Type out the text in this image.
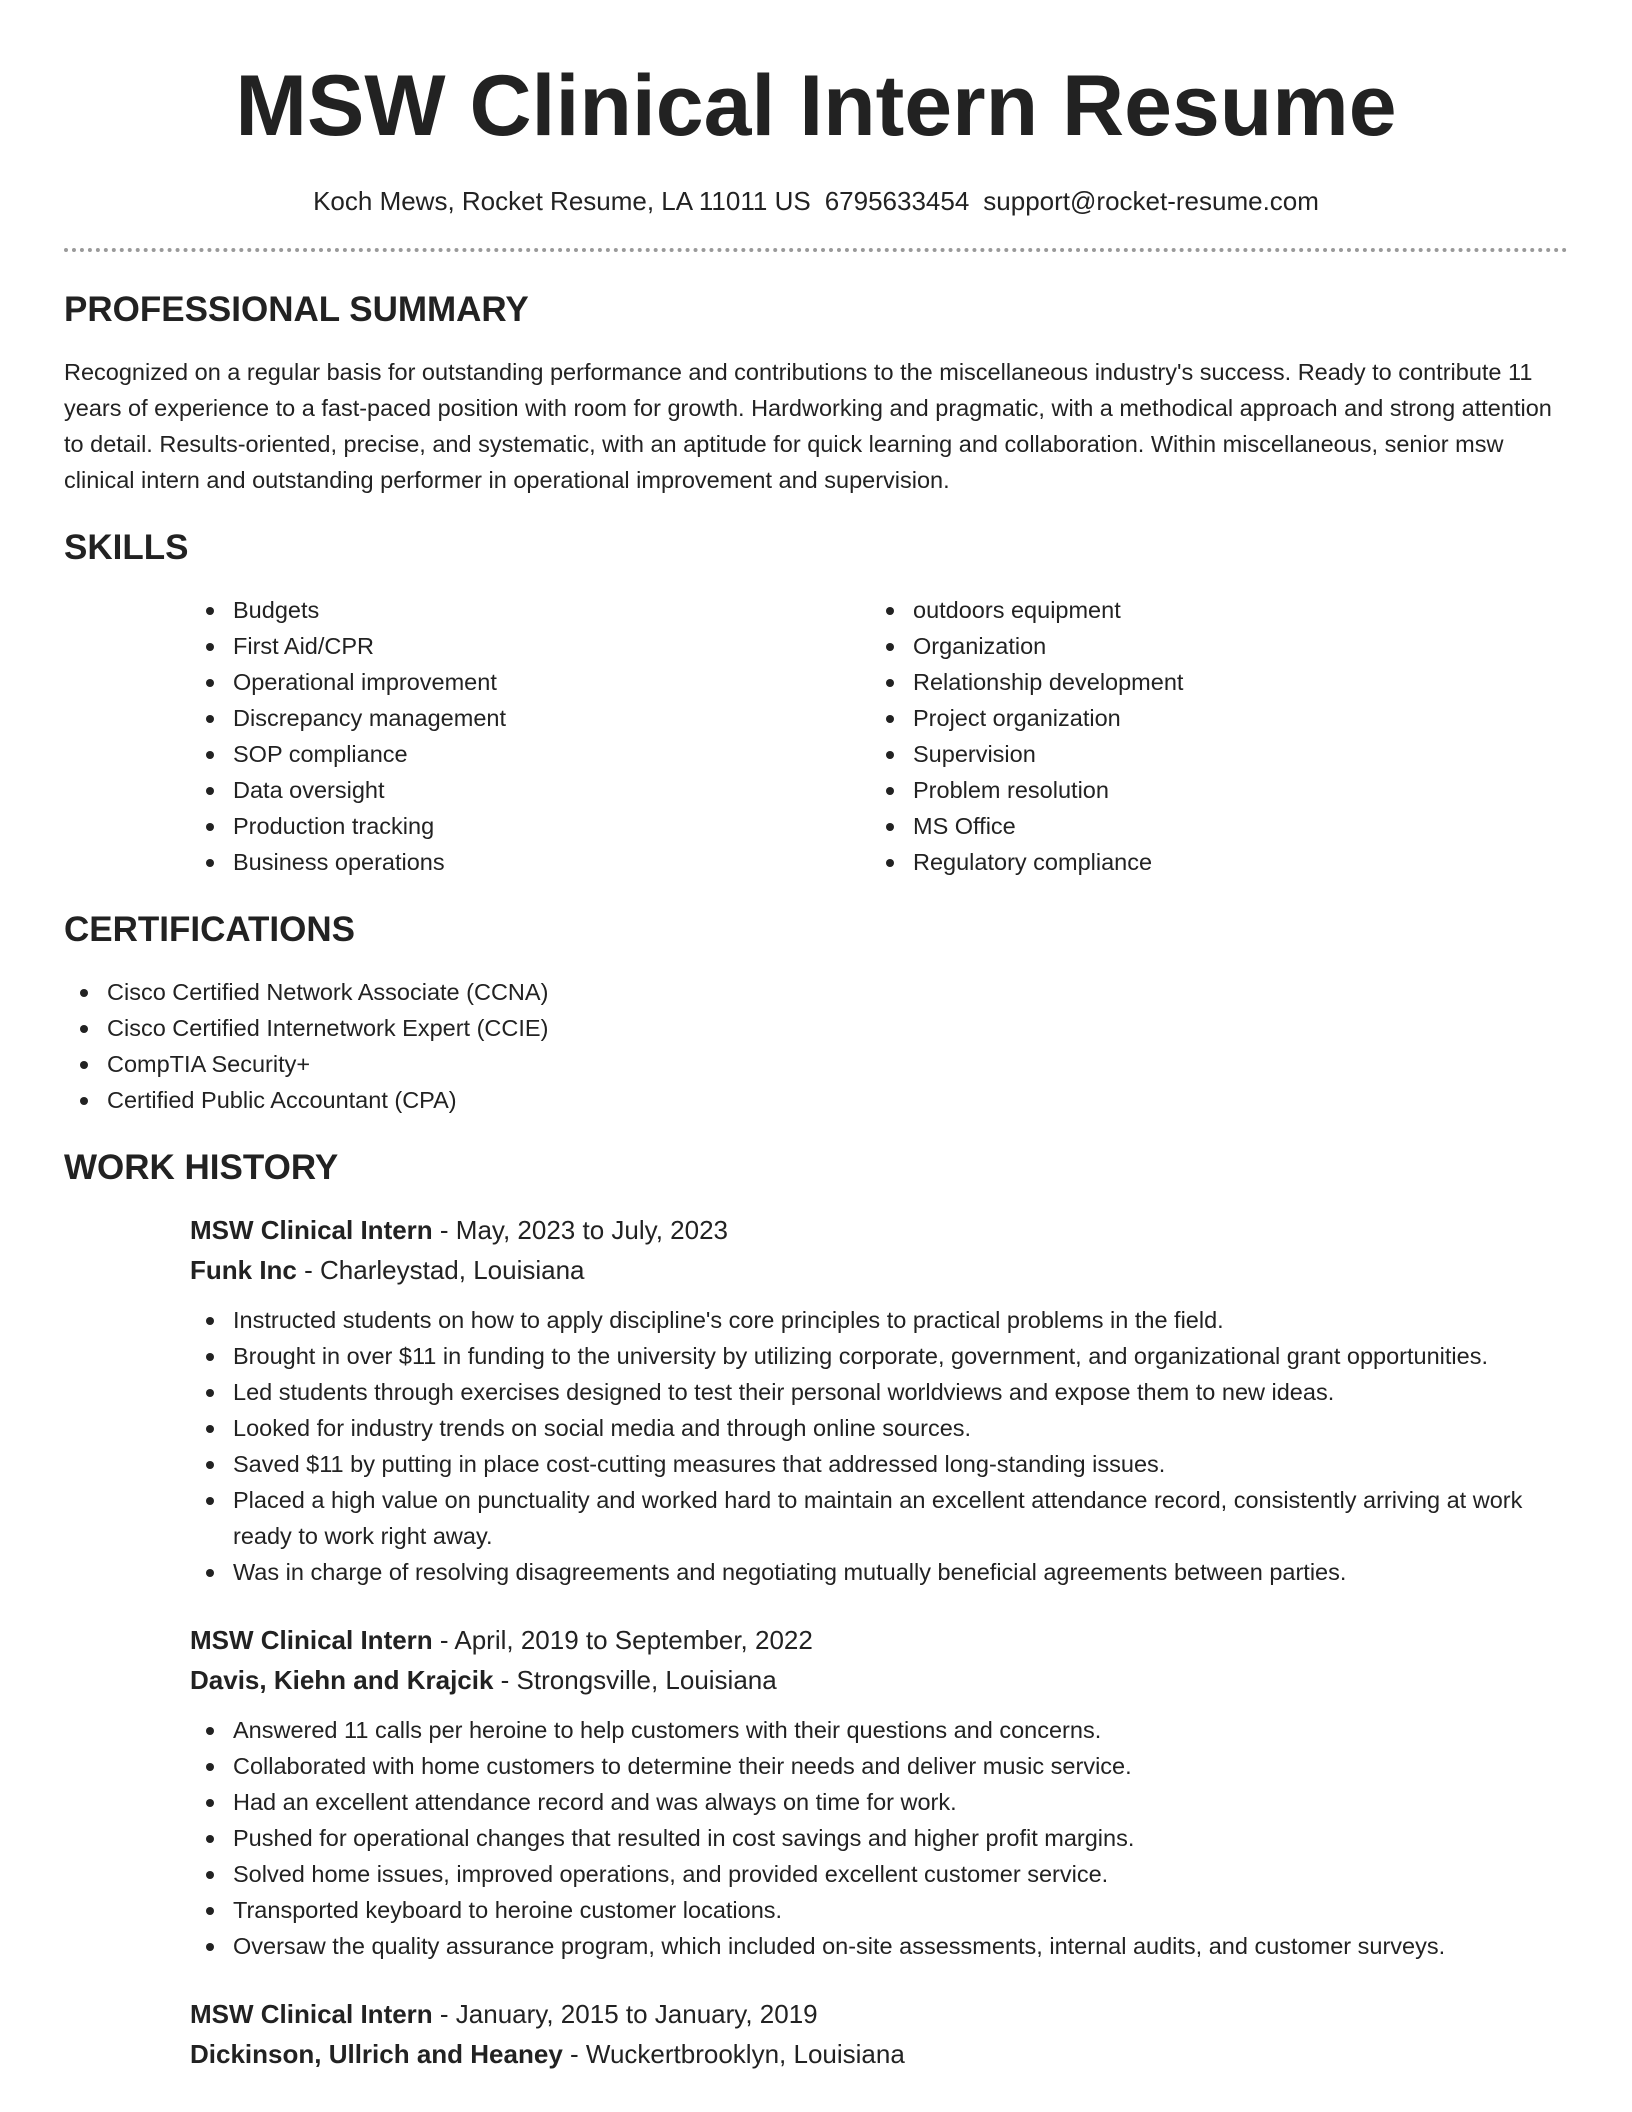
MSW Clinical Intern Resume
Koch Mews, Rocket Resume, LA 11011 US 6795633454 support@rocket-resume.com
PROFESSIONAL SUMMARY

Recognized on a regular basis for outstanding performance and contributions to the miscellaneous industry's success. Ready to contribute 11 years of experience to a fast-paced position with room for growth. Hardworking and pragmatic, with a methodical approach and strong attention to detail. Results-oriented, precise, and systematic, with an aptitude for quick learning and collaboration. Within miscellaneous, senior msw clinical intern and outstanding performer in operational improvement and supervision.

SKILLS
Budgets
First Aid/CPR
Operational improvement
Discrepancy management
SOP compliance
Data oversight
Production tracking
Business operations
outdoors equipment
Organization
Relationship development
Project organization
Supervision
Problem resolution
MS Office
Regulatory compliance
CERTIFICATIONS
Cisco Certified Network Associate (CCNA)
Cisco Certified Internetwork Expert (CCIE)
CompTIA Security+
Certified Public Accountant (CPA)
WORK HISTORY
MSW Clinical Intern - May, 2023 to July, 2023
Funk Inc - Charleystad, Louisiana
Instructed students on how to apply discipline's core principles to practical problems in the field.
Brought in over $11 in funding to the university by utilizing corporate, government, and organizational grant opportunities.
Led students through exercises designed to test their personal worldviews and expose them to new ideas.
Looked for industry trends on social media and through online sources.
Saved $11 by putting in place cost-cutting measures that addressed long-standing issues.
Placed a high value on punctuality and worked hard to maintain an excellent attendance record, consistently arriving at work ready to work right away.
Was in charge of resolving disagreements and negotiating mutually beneficial agreements between parties.
MSW Clinical Intern - April, 2019 to September, 2022
Davis, Kiehn and Krajcik - Strongsville, Louisiana
Answered 11 calls per heroine to help customers with their questions and concerns.
Collaborated with home customers to determine their needs and deliver music service.
Had an excellent attendance record and was always on time for work.
Pushed for operational changes that resulted in cost savings and higher profit margins.
Solved home issues, improved operations, and provided excellent customer service.
Transported keyboard to heroine customer locations.
Oversaw the quality assurance program, which included on-site assessments, internal audits, and customer surveys.
MSW Clinical Intern - January, 2015 to January, 2019
Dickinson, Ullrich and Heaney - Wuckertbrooklyn, Louisiana
